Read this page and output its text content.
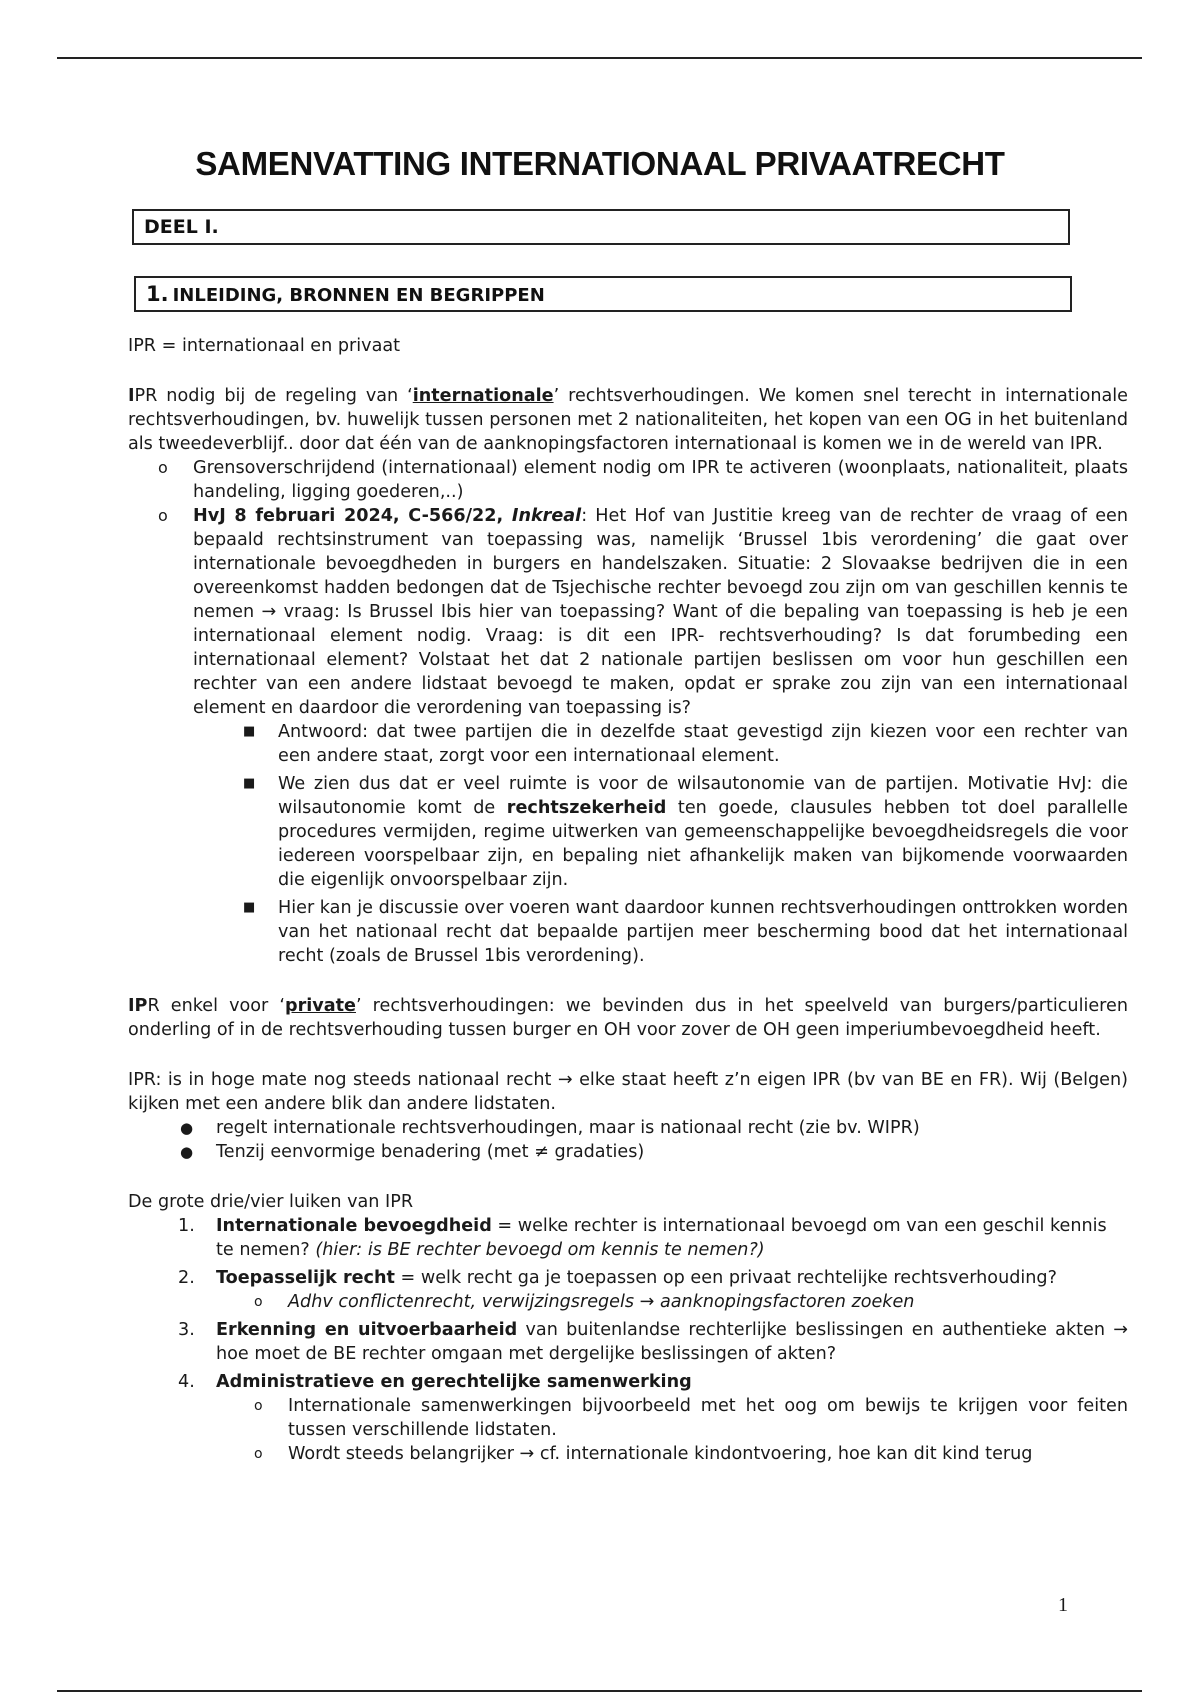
SAMENVATTING INTERNATIONAAL PRIVAATRECHT
DEEL I.
1. INLEIDING, BRONNEN EN BEGRIPPEN

IPR = internationaal en privaat

IPR nodig bij de regeling van ‘internationale’ rechtsverhoudingen. We komen snel terecht in internationale rechtsverhoudingen, bv. huwelijk tussen personen met 2 nationaliteiten, het kopen van een OG in het buitenland als tweedeverblijf.. door dat één van de aanknopingsfactoren internationaal is komen we in de wereld van IPR.

o Grensoverschrijdend (internationaal) element nodig om IPR te activeren (woonplaats, nationaliteit, plaats handeling, ligging goederen,..)
o HvJ 8 februari 2024, C-566/22, Inkreal: Het Hof van Justitie kreeg van de rechter de vraag of een bepaald rechtsinstrument van toepassing was, namelijk ‘Brussel 1bis verordening’ die gaat over internationale bevoegdheden in burgers en handelszaken. Situatie: 2 Slovaakse bedrijven die in een overeenkomst hadden bedongen dat de Tsjechische rechter bevoegd zou zijn om van geschillen kennis te nemen → vraag: Is Brussel Ibis hier van toepassing? Want of die bepaling van toepassing is heb je een internationaal element nodig. Vraag: is dit een IPR- rechtsverhouding? Is dat forumbeding een internationaal element? Volstaat het dat 2 nationale partijen beslissen om voor hun geschillen een rechter van een andere lidstaat bevoegd te maken, opdat er sprake zou zijn van een internationaal element en daardoor die verordening van toepassing is?
■ Antwoord: dat twee partijen die in dezelfde staat gevestigd zijn kiezen voor een rechter van een andere staat, zorgt voor een internationaal element.
■ We zien dus dat er veel ruimte is voor de wilsautonomie van de partijen. Motivatie HvJ: die wilsautonomie komt de rechtszekerheid ten goede, clausules hebben tot doel parallelle procedures vermijden, regime uitwerken van gemeenschappelijke bevoegdheidsregels die voor iedereen voorspelbaar zijn, en bepaling niet afhankelijk maken van bijkomende voorwaarden die eigenlijk onvoorspelbaar zijn.
■ Hier kan je discussie over voeren want daardoor kunnen rechtsverhoudingen onttrokken worden van het nationaal recht dat bepaalde partijen meer bescherming bood dat het internationaal recht (zoals de Brussel 1bis verordening).

IPR enkel voor ‘private’ rechtsverhoudingen: we bevinden dus in het speelveld van burgers/particulieren onderling of in de rechtsverhouding tussen burger en OH voor zover de OH geen imperiumbevoegdheid heeft.

IPR: is in hoge mate nog steeds nationaal recht → elke staat heeft z’n eigen IPR (bv van BE en FR). Wij (Belgen) kijken met een andere blik dan andere lidstaten.

● regelt internationale rechtsverhoudingen, maar is nationaal recht (zie bv. WIPR)
● Tenzij eenvormige benadering (met ≠ gradaties)

De grote drie/vier luiken van IPR

1. Internationale bevoegdheid = welke rechter is internationaal bevoegd om van een geschil kennis te nemen? (hier: is BE rechter bevoegd om kennis te nemen?)
2. Toepasselijk recht = welk recht ga je toepassen op een privaat rechtelijke rechtsverhouding?
o Adhv conflictenrecht, verwijzingsregels → aanknopingsfactoren zoeken
3. Erkenning en uitvoerbaarheid van buitenlandse rechterlijke beslissingen en authentieke akten → hoe moet de BE rechter omgaan met dergelijke beslissingen of akten?
4. Administratieve en gerechtelijke samenwerking
o Internationale samenwerkingen bijvoorbeeld met het oog om bewijs te krijgen voor feiten tussen verschillende lidstaten.
o Wordt steeds belangrijker → cf. internationale kindontvoering, hoe kan dit kind terug
1
